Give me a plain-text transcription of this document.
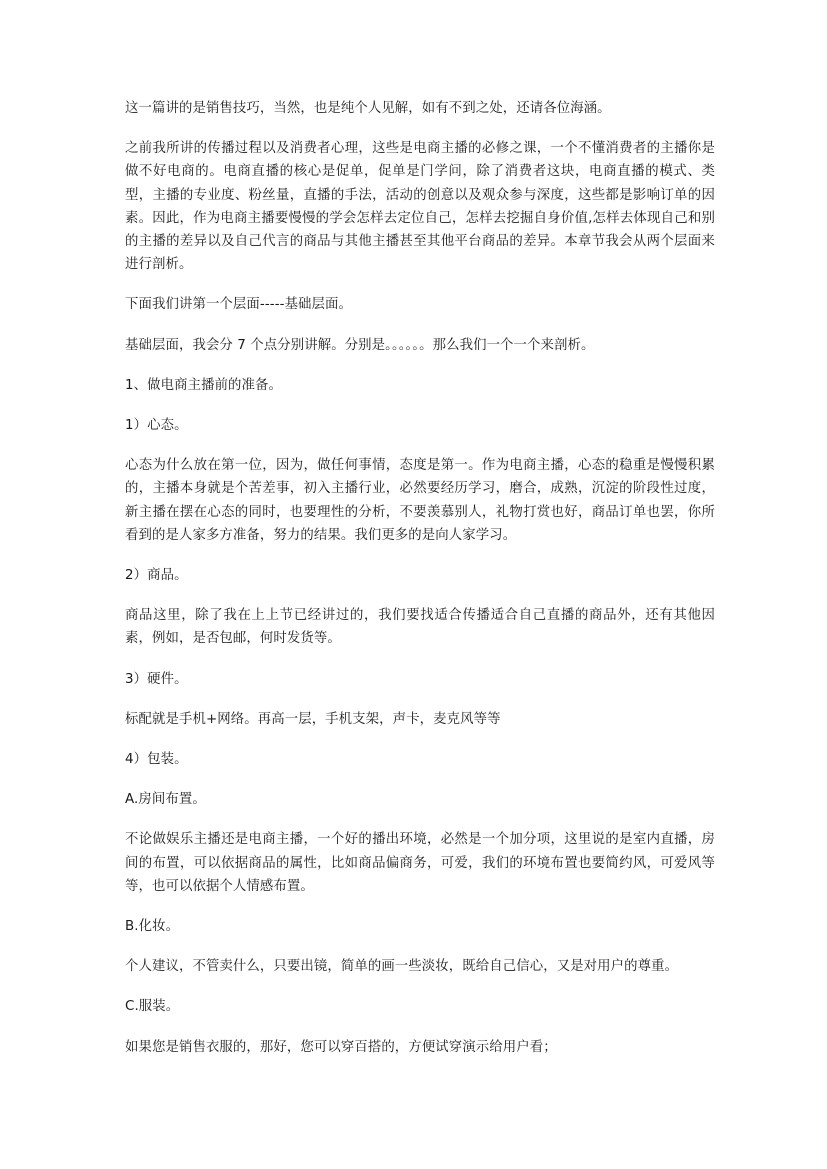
这一篇讲的是销售技巧，当然，也是纯个人见解，如有不到之处，还请各位海涵。

之前我所讲的传播过程以及消费者心理，这些是电商主播的必修之课，一个不懂消费者的主播你是做不好电商的。电商直播的核心是促单，促单是门学问，除了消费者这块，电商直播的模式、类型，主播的专业度、粉丝量，直播的手法，活动的创意以及观众参与深度，这些都是影响订单的因素。因此，作为电商主播要慢慢的学会怎样去定位自己，怎样去挖掘自身价值,怎样去体现自己和别的主播的差异以及自己代言的商品与其他主播甚至其他平台商品的差异。本章节我会从两个层面来进行剖析。

下面我们讲第一个层面-----基础层面。

基础层面，我会分 7 个点分别讲解。分别是。。。。。。那么我们一个一个来剖析。

1、做电商主播前的准备。

1）心态。

心态为什么放在第一位，因为，做任何事情，态度是第一。作为电商主播，心态的稳重是慢慢积累的，主播本身就是个苦差事，初入主播行业，必然要经历学习，磨合，成熟，沉淀的阶段性过度，新主播在摆在心态的同时，也要理性的分析，不要羡慕别人，礼物打赏也好，商品订单也罢，你所看到的是人家多方准备，努力的结果。我们更多的是向人家学习。

2）商品。

商品这里，除了我在上上节已经讲过的，我们要找适合传播适合自己直播的商品外，还有其他因素，例如，是否包邮，何时发货等。

3）硬件。

标配就是手机+网络。再高一层，手机支架，声卡，麦克风等等

4）包装。

A.房间布置。

不论做娱乐主播还是电商主播，一个好的播出环境，必然是一个加分项，这里说的是室内直播，房间的布置，可以依据商品的属性，比如商品偏商务，可爱，我们的环境布置也要简约风，可爱风等等，也可以依据个人情感布置。

B.化妆。

个人建议，不管卖什么，只要出镜，简单的画一些淡妆，既给自己信心，又是对用户的尊重。

C.服装。

如果您是销售衣服的，那好，您可以穿百搭的，方便试穿演示给用户看；
